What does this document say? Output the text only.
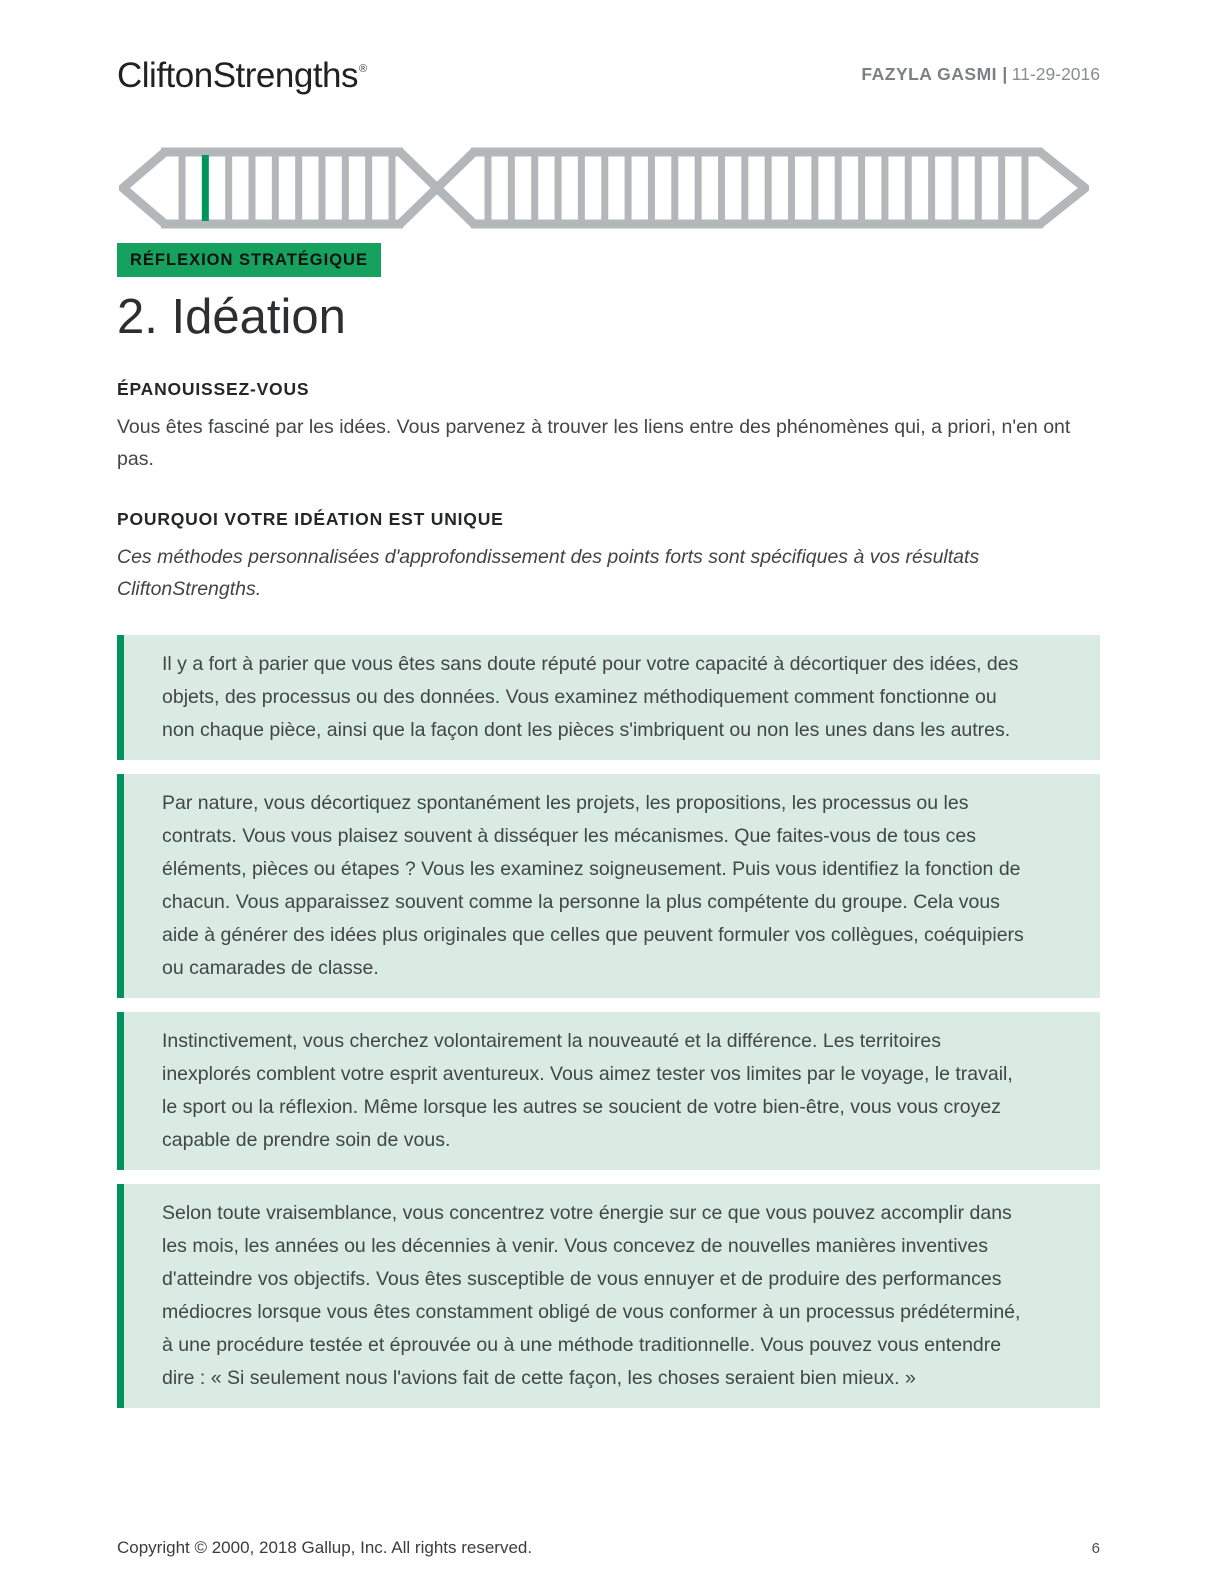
CliftonStrengths®	FAZYLA GASMI | 11-29-2016
RÉFLEXION STRATÉGIQUE
2. Idéation
ÉPANOUISSEZ-VOUS

Vous êtes fasciné par les idées. Vous parvenez à trouver les liens entre des phénomènes qui, a priori, n'en ont pas.

POURQUOI VOTRE IDÉATION EST UNIQUE

Ces méthodes personnalisées d'approfondissement des points forts sont spécifiques à vos résultats CliftonStrengths.

Il y a fort à parier que vous êtes sans doute réputé pour votre capacité à décortiquer des idées, des objets, des processus ou des données. Vous examinez méthodiquement comment fonctionne ou non chaque pièce, ainsi que la façon dont les pièces s'imbriquent ou non les unes dans les autres.

Par nature, vous décortiquez spontanément les projets, les propositions, les processus ou les contrats. Vous vous plaisez souvent à disséquer les mécanismes. Que faites-vous de tous ces éléments, pièces ou étapes ? Vous les examinez soigneusement. Puis vous identifiez la fonction de chacun. Vous apparaissez souvent comme la personne la plus compétente du groupe. Cela vous aide à générer des idées plus originales que celles que peuvent formuler vos collègues, coéquipiers ou camarades de classe.

Instinctivement, vous cherchez volontairement la nouveauté et la différence. Les territoires inexplorés comblent votre esprit aventureux. Vous aimez tester vos limites par le voyage, le travail, le sport ou la réflexion. Même lorsque les autres se soucient de votre bien-être, vous vous croyez capable de prendre soin de vous.

Selon toute vraisemblance, vous concentrez votre énergie sur ce que vous pouvez accomplir dans les mois, les années ou les décennies à venir. Vous concevez de nouvelles manières inventives d'atteindre vos objectifs. Vous êtes susceptible de vous ennuyer et de produire des performances médiocres lorsque vous êtes constamment obligé de vous conformer à un processus prédéterminé, à une procédure testée et éprouvée ou à une méthode traditionnelle. Vous pouvez vous entendre dire : « Si seulement nous l'avions fait de cette façon, les choses seraient bien mieux. »

Copyright © 2000, 2018 Gallup, Inc. All rights reserved.	6
